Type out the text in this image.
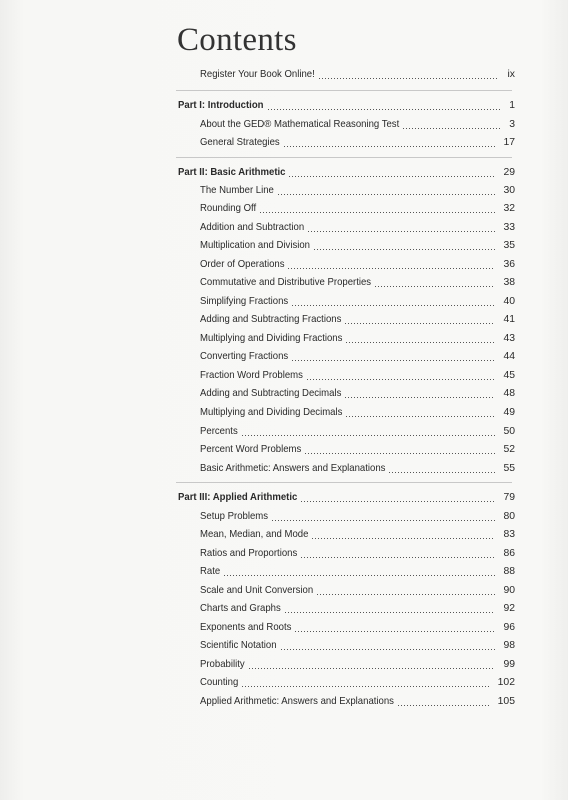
Contents
Register Your Book Online!	ix
Part I: Introduction	1
About the GED® Mathematical Reasoning Test	3
General Strategies	17
Part II: Basic Arithmetic	29
The Number Line	30
Rounding Off	32
Addition and Subtraction	33
Multiplication and Division	35
Order of Operations	36
Commutative and Distributive Properties	38
Simplifying Fractions	40
Adding and Subtracting Fractions	41
Multiplying and Dividing Fractions	43
Converting Fractions	44
Fraction Word Problems	45
Adding and Subtracting Decimals	48
Multiplying and Dividing Decimals	49
Percents	50
Percent Word Problems	52
Basic Arithmetic: Answers and Explanations	55
Part III: Applied Arithmetic	79
Setup Problems	80
Mean, Median, and Mode	83
Ratios and Proportions	86
Rate	88
Scale and Unit Conversion	90
Charts and Graphs	92
Exponents and Roots	96
Scientific Notation	98
Probability	99
Counting	102
Applied Arithmetic: Answers and Explanations	105
